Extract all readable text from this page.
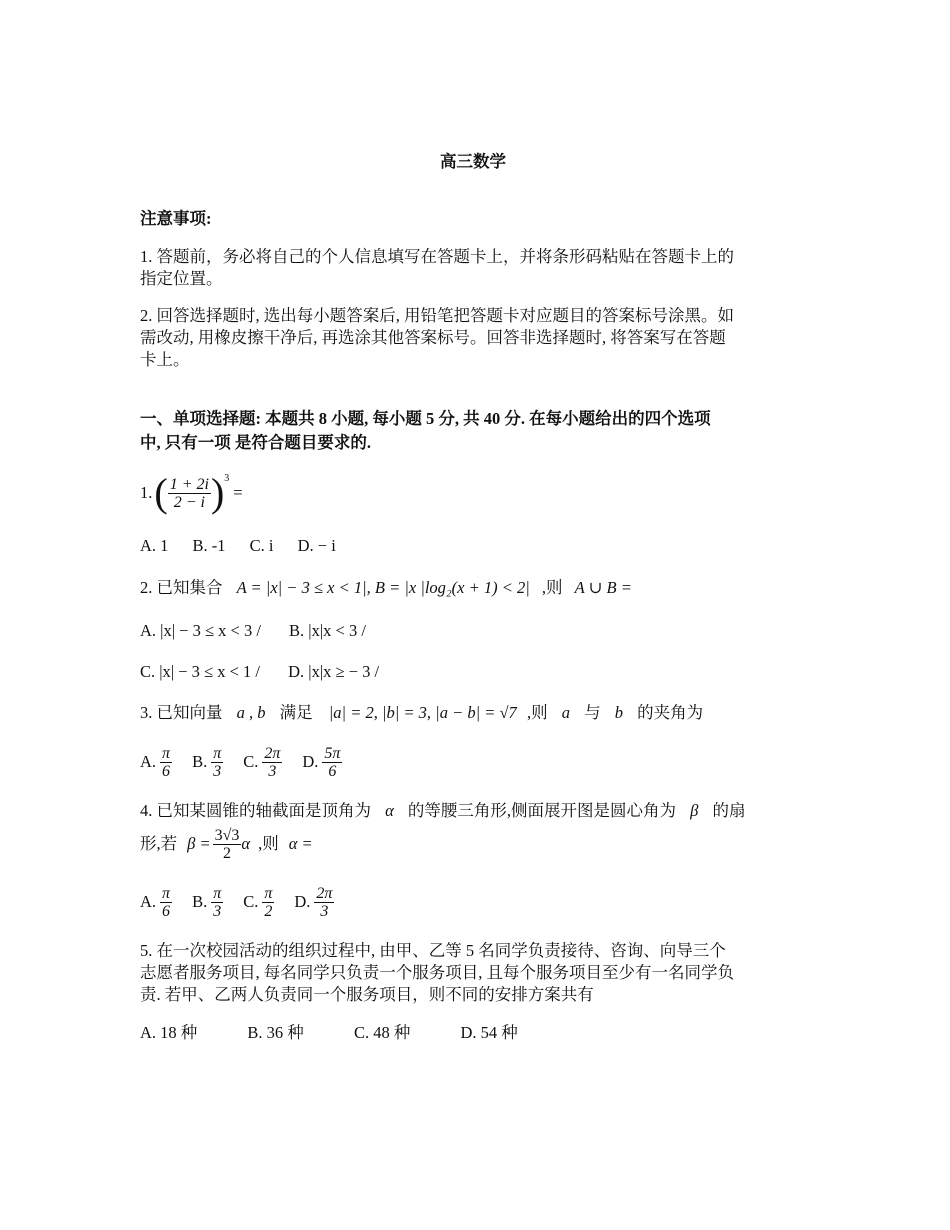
高三数学
注意事项:
1. 答题前，务必将自己的个人信息填写在答题卡上，并将条形码粘贴在答题卡上的
指定位置。
2. 回答选择题时, 选出每小题答案后, 用铅笔把答题卡对应题目的答案标号涂黑。如
需改动, 用橡皮擦干净后, 再选涂其他答案标号。回答非选择题时, 将答案写在答题
卡上。
一、单项选择题: 本题共 8 小题, 每小题 5 分, 共 40 分. 在每小题给出的四个选项
中, 只有一项 是符合题目要求的.
1. ( $\frac{1 + 2i}{2 - i}$ ) 3
=
A. 1 B. -1 C. i D. − i
2. 已知集合 A = |x| − 3 ≤ x < 1|, B = |x |log₂(x + 1) < 2| ,则 A ∪ B =
A. |x| − 3 ≤ x < 3 / B. |x|x < 3 /
C. |x| − 3 ≤ x < 1 / D. |x|x ≥ − 3 /
3. 已知向量 a , b 满足 |a| = 2, |b| = 3, |a − b| = √7 ,则 a 与 b 的夹角为
A. $\frac{\pi}{6} B$. $\frac{\pi}{3} C$. $\frac{2\pi}{3} D$. $\frac{5\pi}{6}$
4. 已知某圆锥的轴截面是顶角为 α 的等腰三角形,侧面展开图是圆心角为 β 的扇
形,若 $\beta = \frac{3√3}{2}$ α ,则 α =
A. $\frac{\pi}{6} B$. $\frac{\pi}{3} C$. $\frac{\pi}{2} D$. $\frac{2\pi}{3}$
5. 在一次校园活动的组织过程中, 由甲、乙等 5 名同学负责接待、咨询、向导三个
志愿者服务项目, 每名同学只负责一个服务项目, 且每个服务项目至少有一名同学负
责. 若甲、乙两人负责同一个服务项目，则不同的安排方案共有
A. 18 种	B. 36 种	C. 48 种	D. 54 种
